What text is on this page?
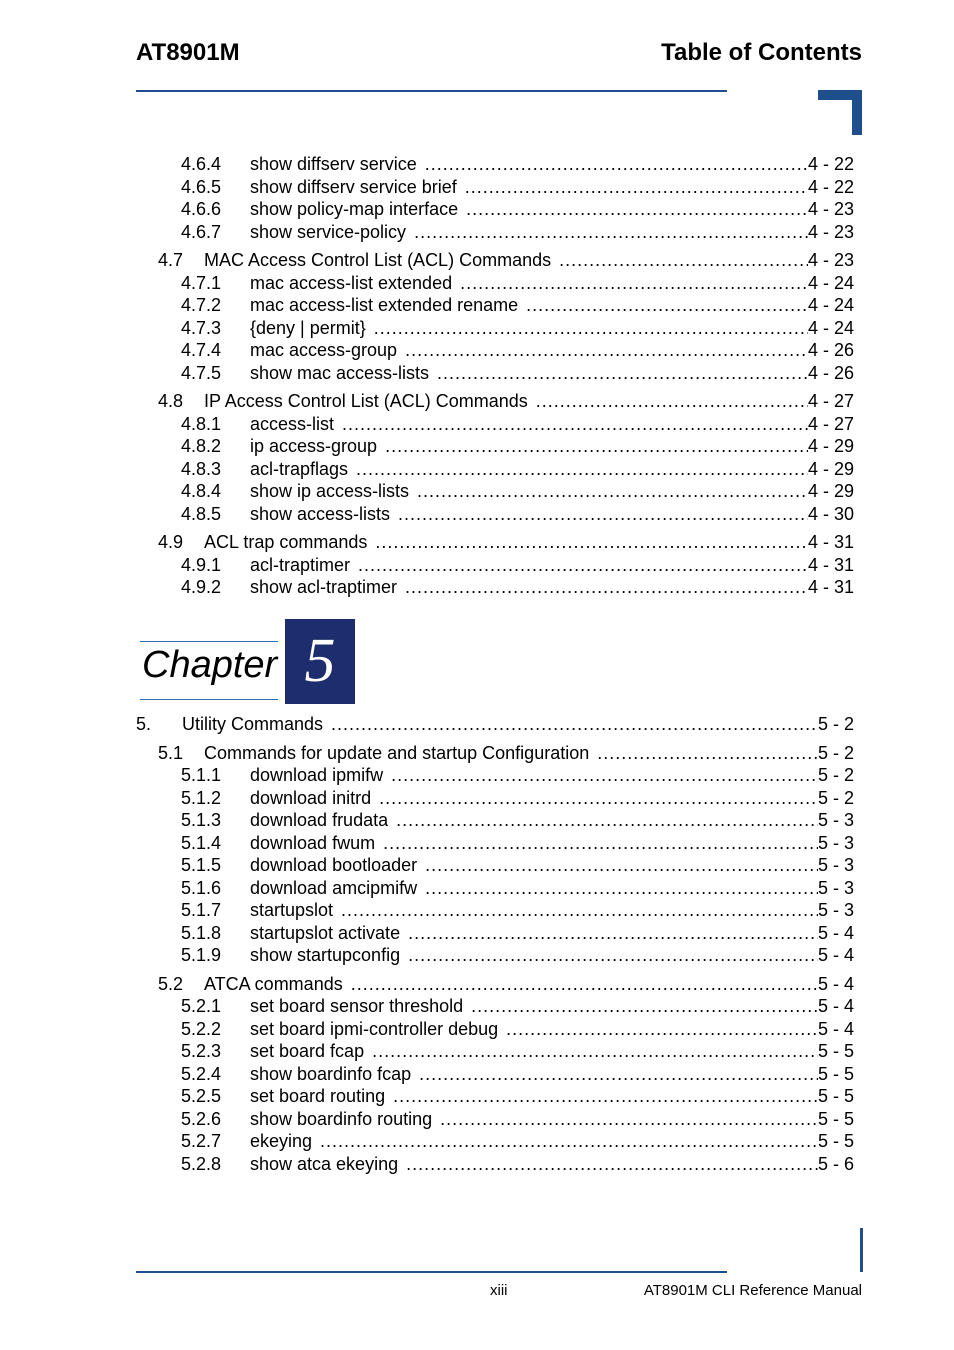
AT8901M	Table of Contents
4.6.4	show diffserv service .....	4 - 22
4.6.5	show diffserv service brief .....	4 - 22
4.6.6	show policy-map interface .....	4 - 23
4.6.7	show service-policy .....	4 - 23
4.7	MAC Access Control List (ACL) Commands .....	4 - 23
4.7.1	mac access-list extended .....	4 - 24
4.7.2	mac access-list extended rename .....	4 - 24
4.7.3	{deny | permit} .....	4 - 24
4.7.4	mac access-group .....	4 - 26
4.7.5	show mac access-lists .....	4 - 26
4.8	IP Access Control List (ACL) Commands .....	4 - 27
4.8.1	access-list .....	4 - 27
4.8.2	ip access-group .....	4 - 29
4.8.3	acl-trapflags .....	4 - 29
4.8.4	show ip access-lists .....	4 - 29
4.8.5	show access-lists .....	4 - 30
4.9	ACL trap commands .....	4 - 31
4.9.1	acl-traptimer .....	4 - 31
4.9.2	show acl-traptimer .....	4 - 31
5.	Utility Commands .....	5 - 2
5.1	Commands for update and startup Configuration .....	5 - 2
5.1.1	download ipmifw .....	5 - 2
5.1.2	download initrd .....	5 - 2
5.1.3	download frudata .....	5 - 3
5.1.4	download fwum .....	5 - 3
5.1.5	download bootloader .....	5 - 3
5.1.6	download amcipmifw .....	5 - 3
5.1.7	startupslot .....	5 - 3
5.1.8	startupslot activate .....	5 - 4
5.1.9	show startupconfig .....	5 - 4
5.2	ATCA commands .....	5 - 4
5.2.1	set board sensor threshold .....	5 - 4
5.2.2	set board ipmi-controller debug .....	5 - 4
5.2.3	set board fcap .....	5 - 5
5.2.4	show boardinfo fcap .....	5 - 5
5.2.5	set board routing .....	5 - 5
5.2.6	show boardinfo routing .....	5 - 5
5.2.7	ekeying .....	5 - 5
5.2.8	show atca ekeying .....	5 - 6
Chapter 5
xiii	AT8901M CLI Reference Manual
